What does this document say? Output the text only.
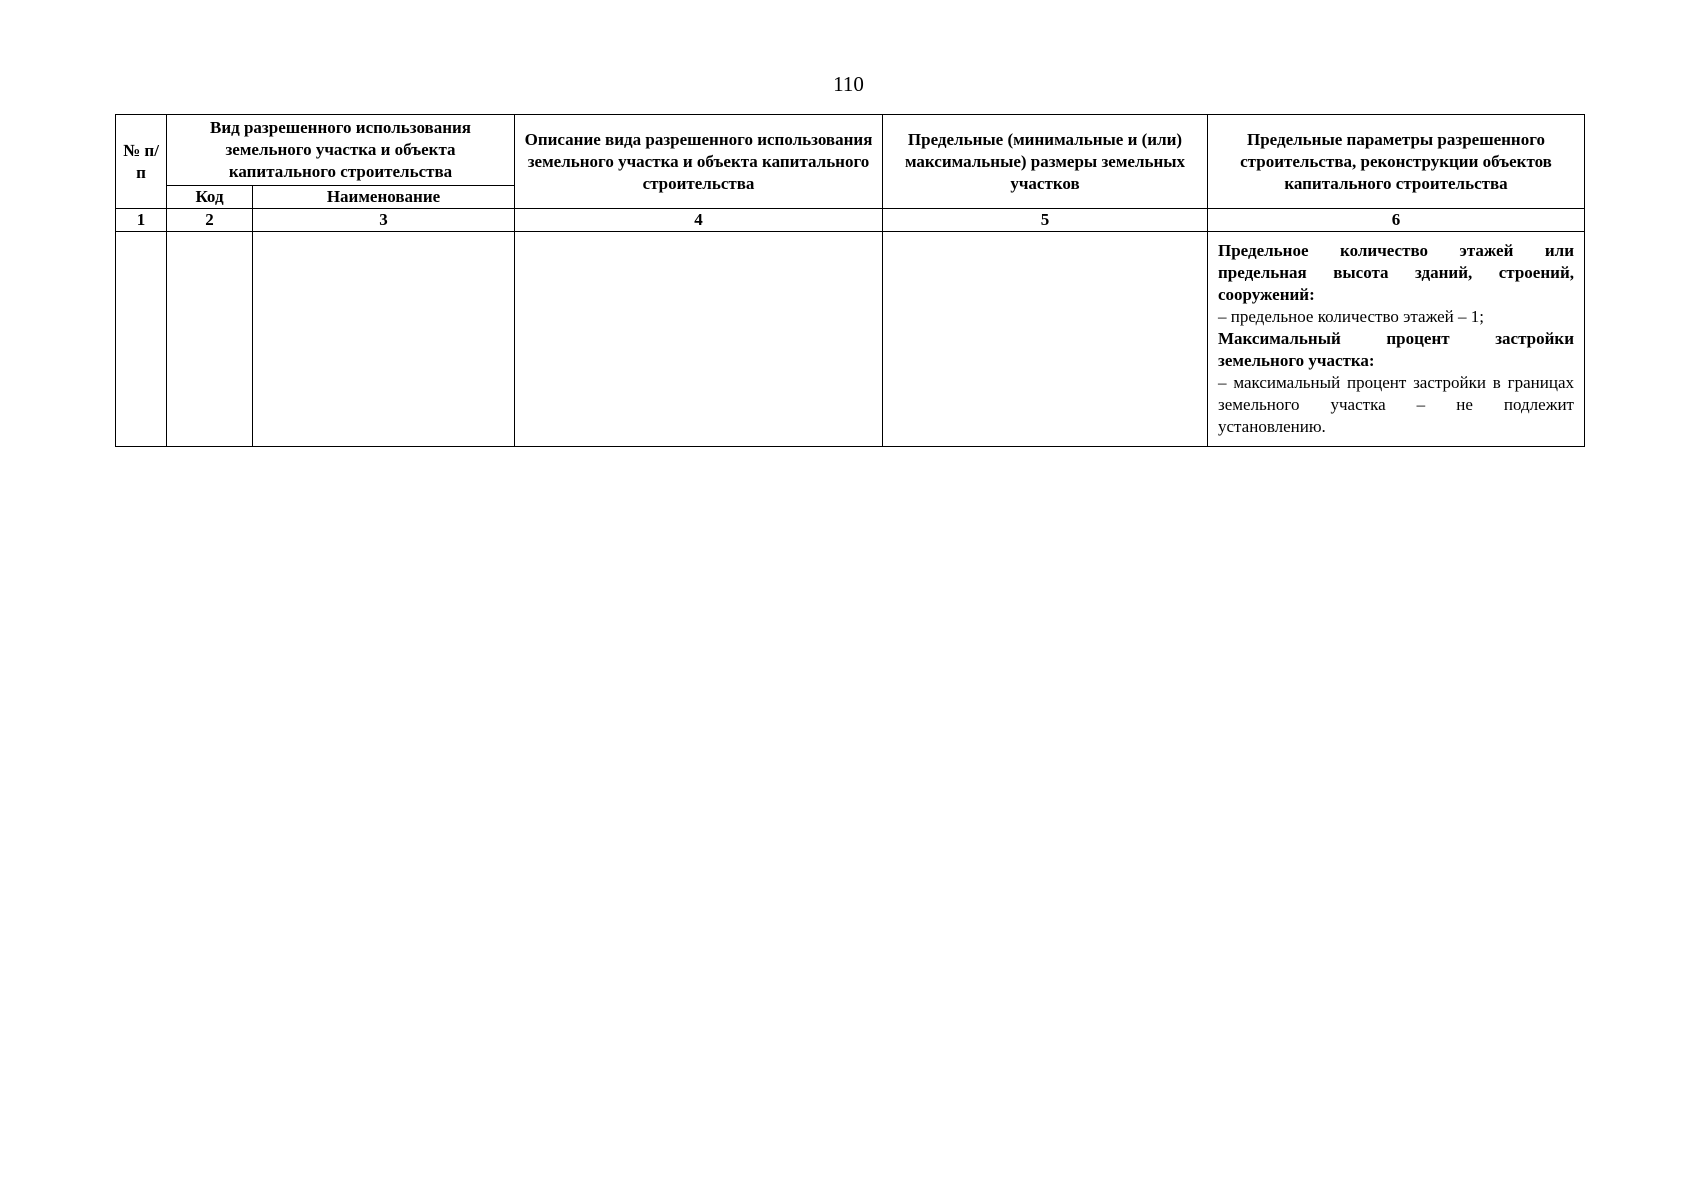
110
№ п/п	Вид разрешенного использования земельного участка и объекта капитального строительства		Описание вида разрешенного использования земельного участка и объекта капитального строительства	Предельные (минимальные и (или) максимальные) размеры земельных участков	Предельные параметры разрешенного строительства, реконструкции объектов капитального строительства
	Код	Наименование			
1	2	3	4	5	6

					Предельное количество этажей или предельная высота зданий, строений, сооружений:

– предельное количество этажей – 1;

Максимальный процент застройки земельного участка:

– максимальный процент застройки в границах земельного участка – не подлежит установлению.
